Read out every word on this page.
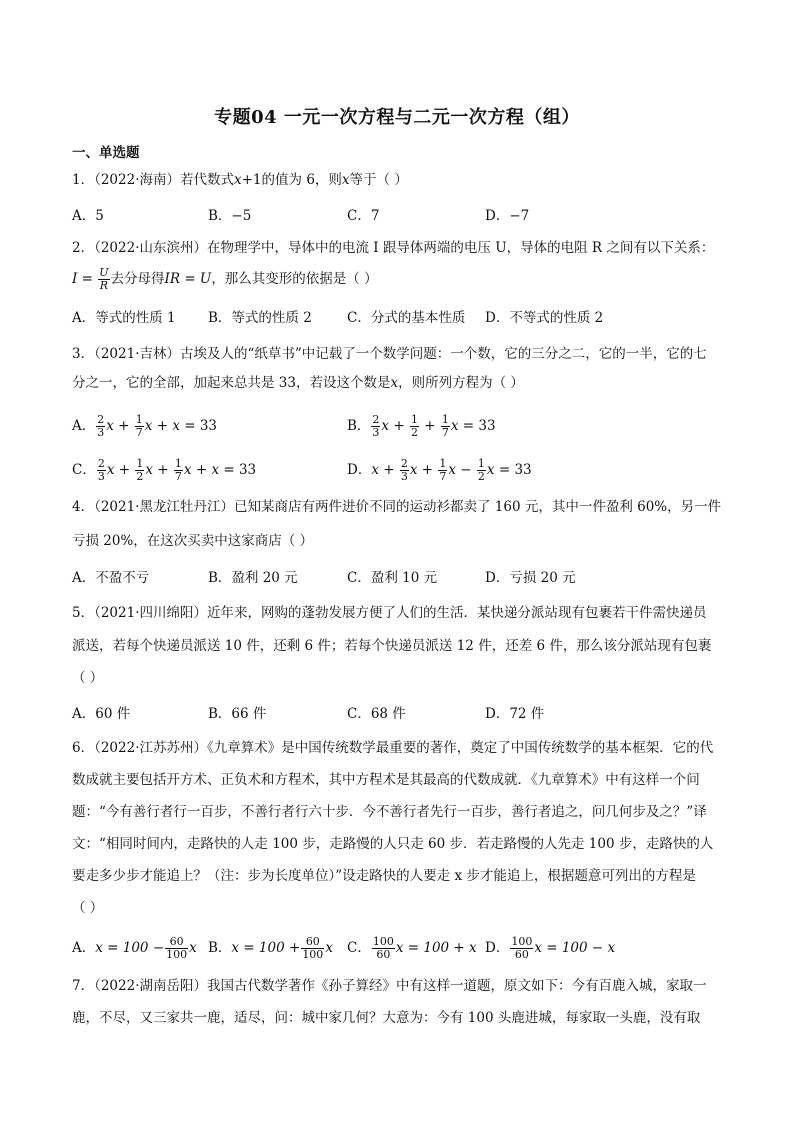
专题04 一元一次方程与二元一次方程（组）
一、单选题
1．（2022·海南）若代数式x+1的值为 6，则x等于（ ）
A．5	B．−5	C．7	D．−7
2．（2022·山东滨州）在物理学中，导体中的电流 I 跟导体两端的电压 U，导体的电阻 R 之间有以下关系：
$I = \frac{U}{R}$ 去分母得IR = U，那么其变形的依据是（ ）
A．等式的性质 1 B．等式的性质 2	C．分式的基本性质 D．不等式的性质 2
3．（2021·吉林）古埃及人的“纸草书”中记载了一个数学问题：一个数，它的三分之二，它的一半，它的七
分之一，它的全部，加起来总共是 33，若设这个数是x，则所列方程为（ ）
A． $\frac{2}{3}$ $x + \frac{1}{7}$ x + x = 33	B． $\frac{2}{3}$ $x + \frac{1}{2} + \frac{1}{7}$ x = 33
C． $\frac{2}{3}$ $x + \frac{1}{2}$ $x + \frac{1}{7}$ x + x = 33	D．$x + \frac{2}{3}$ $x + \frac{1}{7}$ $x - \frac{1}{2}$ x = 33
4．（2021·黑龙江牡丹江）已知某商店有两件进价不同的运动衫都卖了 160 元，其中一件盈利 60%，另一件
亏损 20%，在这次买卖中这家商店（ ）
A．不盈不亏	B．盈利 20 元	C．盈利 10 元	D．亏损 20 元
5．（2021·四川绵阳）近年来，网购的蓬勃发展方便了人们的生活．某快递分派站现有包裹若干件需快递员
派送，若每个快递员派送 10 件，还剩 6 件；若每个快递员派送 12 件，还差 6 件，那么该分派站现有包裹
（ ）
A．60 件	B．66 件	C．68 件	D．72 件
6．（2022·江苏苏州）《九章算术》是中国传统数学最重要的著作，奠定了中国传统数学的基本框架．它的代
数成就主要包括开方术、正负术和方程术，其中方程术是其最高的代数成就．《九章算术》中有这样一个问
题：“今有善行者行一百步，不善行者行六十步．今不善行者先行一百步，善行者追之，问几何步及之？”译
文：“相同时间内，走路快的人走 100 步，走路慢的人只走 60 步．若走路慢的人先走 100 步，走路快的人
要走多少步才能追上？（注：步为长度单位）”设走路快的人要走 x 步才能追上，根据题意可列出的方程是
（ ）
A．$x = 100 - \frac{60}{100}$ x B．$x = 100 + \frac{60}{100}$ x C． $\frac{100}{60}$ x = 100 + x D． $\frac{100}{60}$ x = 100 − x
7．（2022·湖南岳阳）我国古代数学著作《孙子算经》中有这样一道题，原文如下：今有百鹿入城，家取一
鹿，不尽，又三家共一鹿，适尽，问：城中家几何？大意为：今有 100 头鹿进城，每家取一头鹿，没有取
